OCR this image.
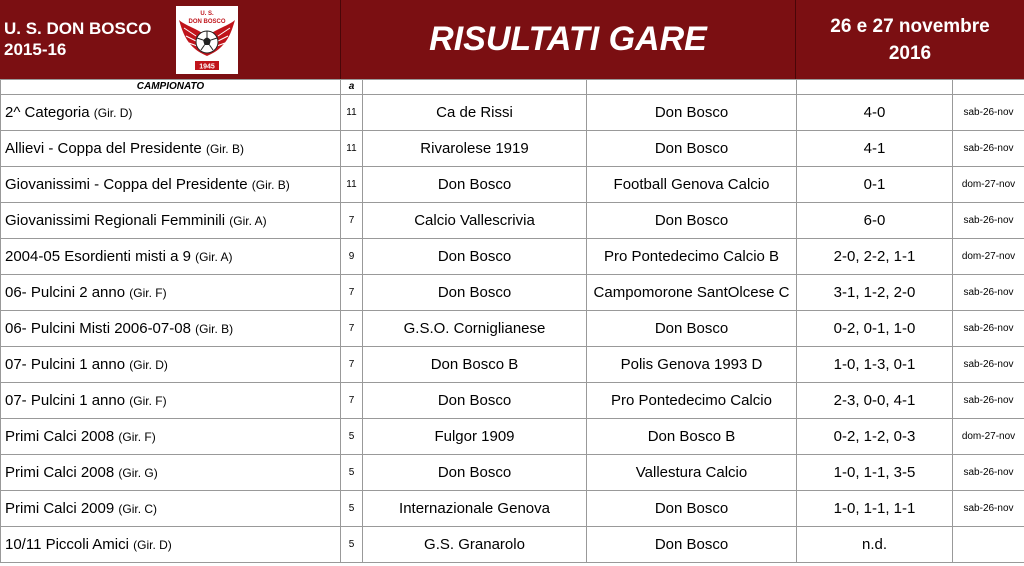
U. S. DON BOSCO
2015-16
1945
U. S.
DON BOSCO	RISULTATI GARE	26 e 27 novembre
2016
CAMPIONATO	a				
2^ Categoria (Gir. D)	11	Ca de Rissi	Don Bosco	4-0	sab-26-nov
Allievi - Coppa del Presidente (Gir. B)	11	Rivarolese 1919	Don Bosco	4-1	sab-26-nov
Giovanissimi - Coppa del Presidente (Gir. B)	11	Don Bosco	Football Genova Calcio	0-1	dom-27-nov
Giovanissimi Regionali Femminili (Gir. A)	7	Calcio Vallescrivia	Don Bosco	6-0	sab-26-nov
2004-05 Esordienti misti a 9 (Gir. A)	9	Don Bosco	Pro Pontedecimo Calcio B	2-0, 2-2, 1-1	dom-27-nov
06- Pulcini 2 anno (Gir. F)	7	Don Bosco	Campomorone SantOlcese C	3-1, 1-2, 2-0	sab-26-nov
06- Pulcini Misti 2006-07-08 (Gir. B)	7	G.S.O. Corniglianese	Don Bosco	0-2, 0-1, 1-0	sab-26-nov
07- Pulcini 1 anno (Gir. D)	7	Don Bosco B	Polis Genova 1993 D	1-0, 1-3, 0-1	sab-26-nov
07- Pulcini 1 anno (Gir. F)	7	Don Bosco	Pro Pontedecimo Calcio	2-3, 0-0, 4-1	sab-26-nov
Primi Calci 2008 (Gir. F)	5	Fulgor 1909	Don Bosco B	0-2, 1-2, 0-3	dom-27-nov
Primi Calci 2008 (Gir. G)	5	Don Bosco	Vallestura Calcio	1-0, 1-1, 3-5	sab-26-nov
Primi Calci 2009 (Gir. C)	5	Internazionale Genova	Don Bosco	1-0, 1-1, 1-1	sab-26-nov
10/11 Piccoli Amici (Gir. D)	5	G.S. Granarolo	Don Bosco	n.d.	
